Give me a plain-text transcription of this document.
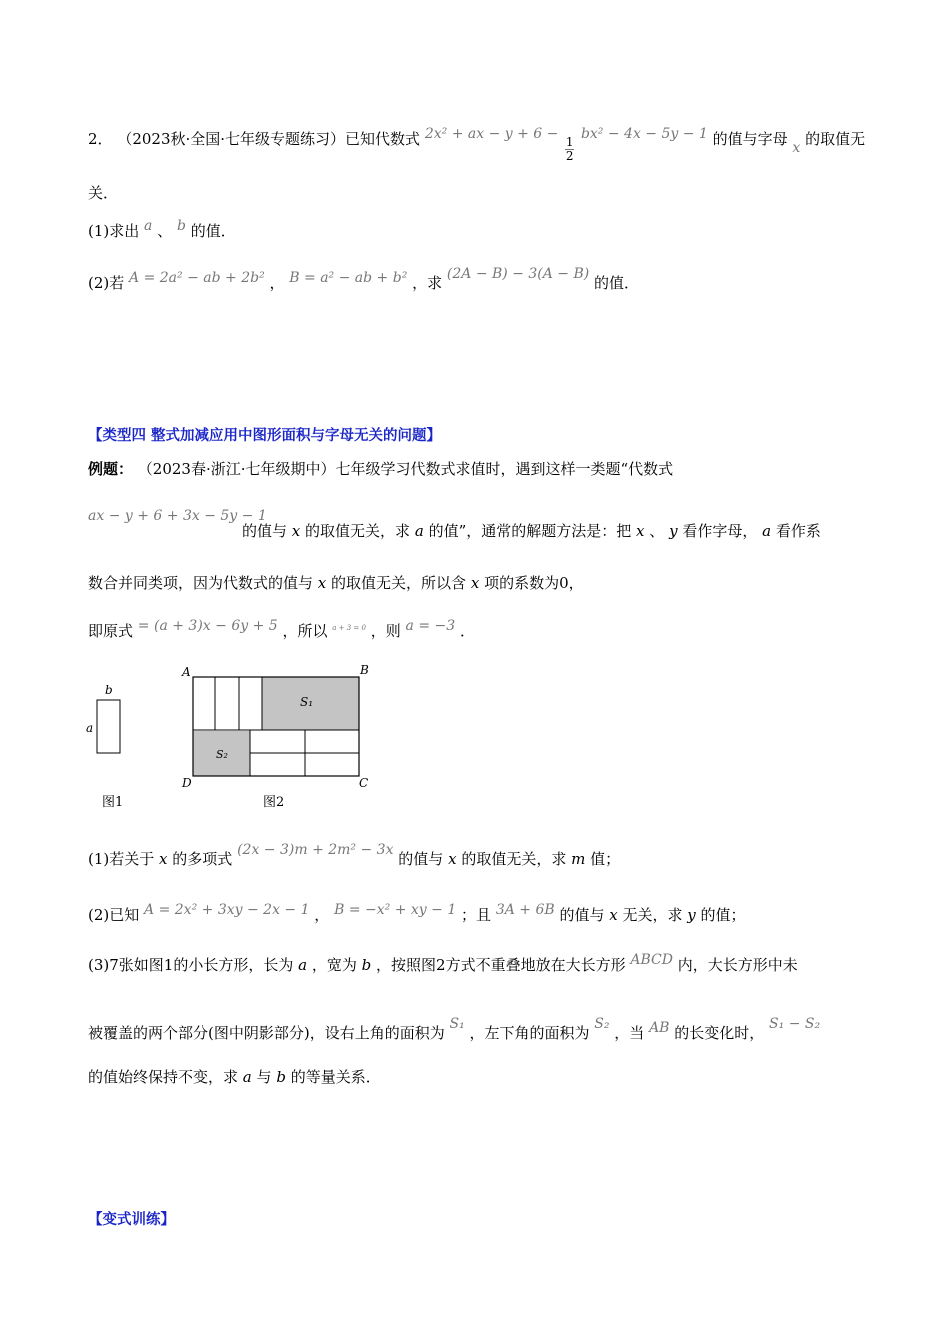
2． （2023秋·全国·七年级专题练习）已知代数式 2x² + ax − y + 6 −
$\frac{1}{2}$
bx² − 4x − 5y − 1 的值与字母 x 的取值无
关．
(1)求出 a 、 b 的值．
(2)若 A = 2a² − ab + 2b² ， B = a² − ab + b² ，求 (2A − B) − 3(A − B) 的值．
【类型四 整式加减应用中图形面积与字母无关的问题】
例题： （2023春·浙江·七年级期中）七年级学习代数式求值时，遇到这样一类题“代数式
ax − y + 6 + 3x − 5y − 1
的值与 x 的取值无关，求 a 的值”，通常的解题方法是：把 x 、 y 看作字母， a 看作系
数合并同类项，因为代数式的值与 x 的取值无关，所以含 x 项的系数为0，
即原式 = (a + 3)x − 6y + 5 ，所以 a + 3 = 0 ，则 a = −3 ．
b
a
图1
A	B
D	C
S₁
S₂
图2
(1)若关于 x 的多项式 (2x − 3)m + 2m² − 3x 的值与 x 的取值无关，求 m 值；
(2)已知 A = 2x² + 3xy − 2x − 1 ， B = −x² + xy − 1 ；且 3A + 6B 的值与 x 无关，求 y 的值；
(3)7张如图1的小长方形，长为 a ，宽为 b ，按照图2方式不重叠地放在大长方形 ABCD 内，大长方形中未
被覆盖的两个部分(图中阴影部分)，设右上角的面积为 S₁ ，左下角的面积为 S₂ ，当 AB 的长变化时， S₁ − S₂
的值始终保持不变，求 a 与 b 的等量关系．
【变式训练】
